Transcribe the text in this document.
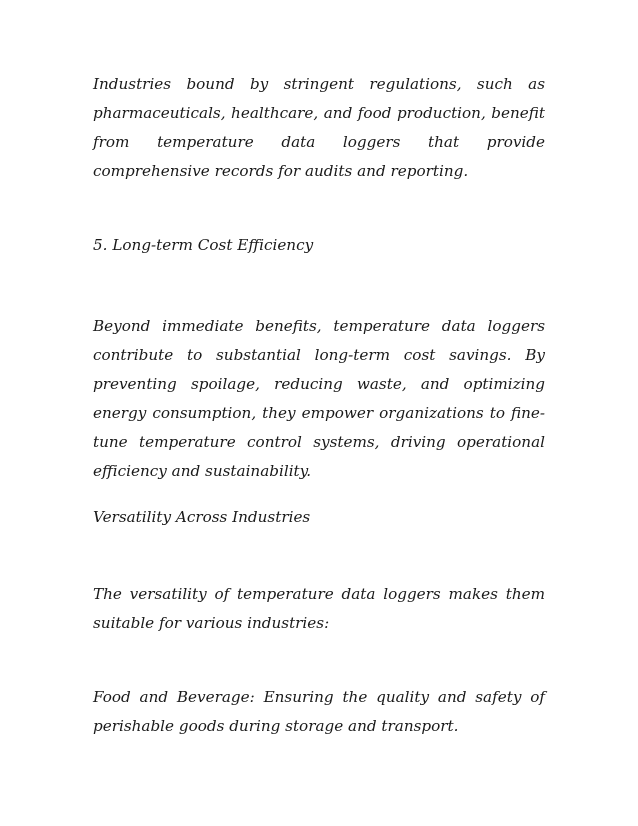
Industries bound by stringent regulations, such as pharmaceuticals, healthcare, and food production, benefit from temperature data loggers that provide comprehensive records for audits and reporting.

5. Long-term Cost Efficiency

Beyond immediate benefits, temperature data loggers contribute to substantial long-term cost savings. By preventing spoilage, reducing waste, and optimizing energy consumption, they empower organizations to fine-tune temperature control systems, driving operational efficiency and sustainability.

Versatility Across Industries

The versatility of temperature data loggers makes them suitable for various industries:

Food and Beverage: Ensuring the quality and safety of perishable goods during storage and transport.
